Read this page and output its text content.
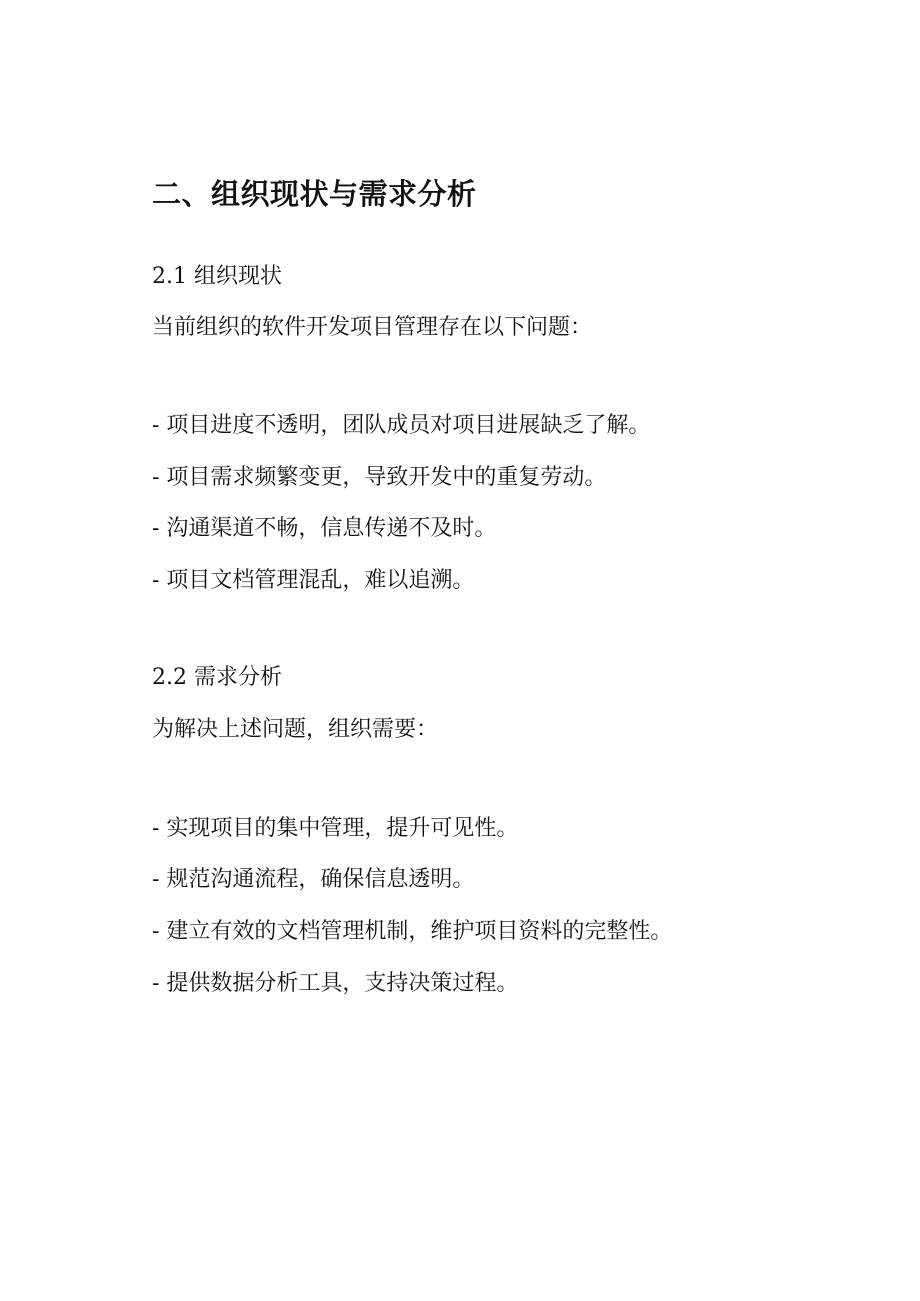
二、组织现状与需求分析
2.1 组织现状
当前组织的软件开发项目管理存在以下问题：
- 项目进度不透明，团队成员对项目进展缺乏了解。
- 项目需求频繁变更，导致开发中的重复劳动。
- 沟通渠道不畅，信息传递不及时。
- 项目文档管理混乱，难以追溯。
2.2 需求分析
为解决上述问题，组织需要：
- 实现项目的集中管理，提升可见性。
- 规范沟通流程，确保信息透明。
- 建立有效的文档管理机制，维护项目资料的完整性。
- 提供数据分析工具，支持决策过程。
